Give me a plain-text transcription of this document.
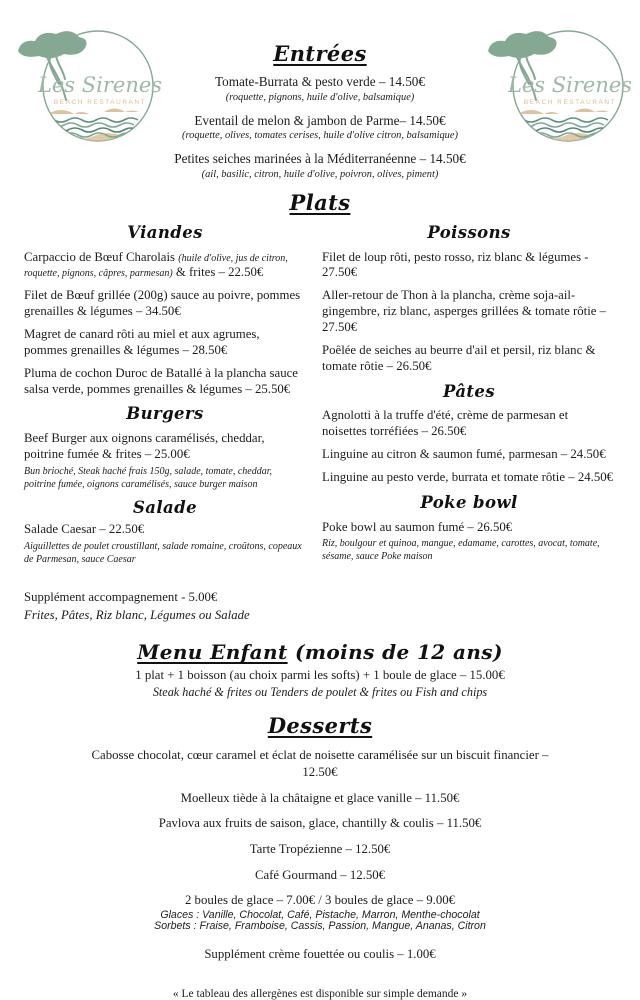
Les Sirenes
BEACH RESTAURANT
Les Sirenes
BEACH RESTAURANT
Entrées
Tomate-Burrata & pesto verde – 14.50€
(roquette, pignons, huile d'olive, balsamique)
Eventail de melon & jambon de Parme– 14.50€
(roquette, olives, tomates cerises, huile d'olive citron, balsamique)
Petites seiches marinées à la Méditerranéenne – 14.50€
(ail, basilic, citron, huile d'olive, poivron, olives, piment)
Plats
Viandes

Carpaccio de Bœuf Charolais (huile d'olive, jus de citron, roquette, pignons, câpres, parmesan) & frites – 22.50€

Filet de Bœuf grillée (200g) sauce au poivre, pommes grenailles & légumes – 34.50€

Magret de canard rôti au miel et aux agrumes, pommes grenailles & légumes – 28.50€

Pluma de cochon Duroc de Batallé à la plancha sauce salsa verde, pommes grenailles & légumes – 25.50€

Burgers

Beef Burger aux oignons caramélisés, cheddar, poitrine fumée & frites – 25.00€

Bun brioché, Steak haché frais 150g, salade, tomate, cheddar, poitrine fumée, oignons caramélisés, sauce burger maison

Salade

Salade Caesar – 22.50€

Aiguillettes de poulet croustillant, salade romaine, croûtons, copeaux de Parmesan, sauce Caesar

Supplément accompagnement - 5.00€

Frites, Pâtes, Riz blanc, Légumes ou Salade

Poissons

Filet de loup rôti, pesto rosso, riz blanc & légumes - 27.50€

Aller-retour de Thon à la plancha, crème soja-ail-gingembre, riz blanc, asperges grillées & tomate rôtie – 27.50€

Poêlée de seiches au beurre d'ail et persil, riz blanc & tomate rôtie – 26.50€

Pâtes

Agnolotti à la truffe d'été, crème de parmesan et noisettes torréfiées – 26.50€

Linguine au citron & saumon fumé, parmesan – 24.50€

Linguine au pesto verde, burrata et tomate rôtie – 24.50€

Poke bowl

Poke bowl au saumon fumé – 26.50€

Riz, boulgour et quinoa, mangue, edamame, carottes, avocat, tomate, sésame, sauce Poke maison

Menu Enfant (moins de 12 ans)
1 plat + 1 boisson (au choix parmi les softs) + 1 boule de glace – 15.00€
Steak haché & frites ou Tenders de poulet & frites ou Fish and chips
Desserts

Cabosse chocolat, cœur caramel et éclat de noisette caramélisée sur un biscuit financier – 12.50€

Moelleux tiède à la châtaigne et glace vanille – 11.50€

Pavlova aux fruits de saison, glace, chantilly & coulis – 11.50€

Tarte Tropézienne – 12.50€

Café Gourmand – 12.50€

2 boules de glace – 7.00€ / 3 boules de glace – 9.00€

Glaces : Vanille, Chocolat, Café, Pistache, Marron, Menthe-chocolat
Sorbets : Fraise, Framboise, Cassis, Passion, Mangue, Ananas, Citron

Supplément crème fouettée ou coulis – 1.00€

« Le tableau des allergènes est disponible sur simple demande »
